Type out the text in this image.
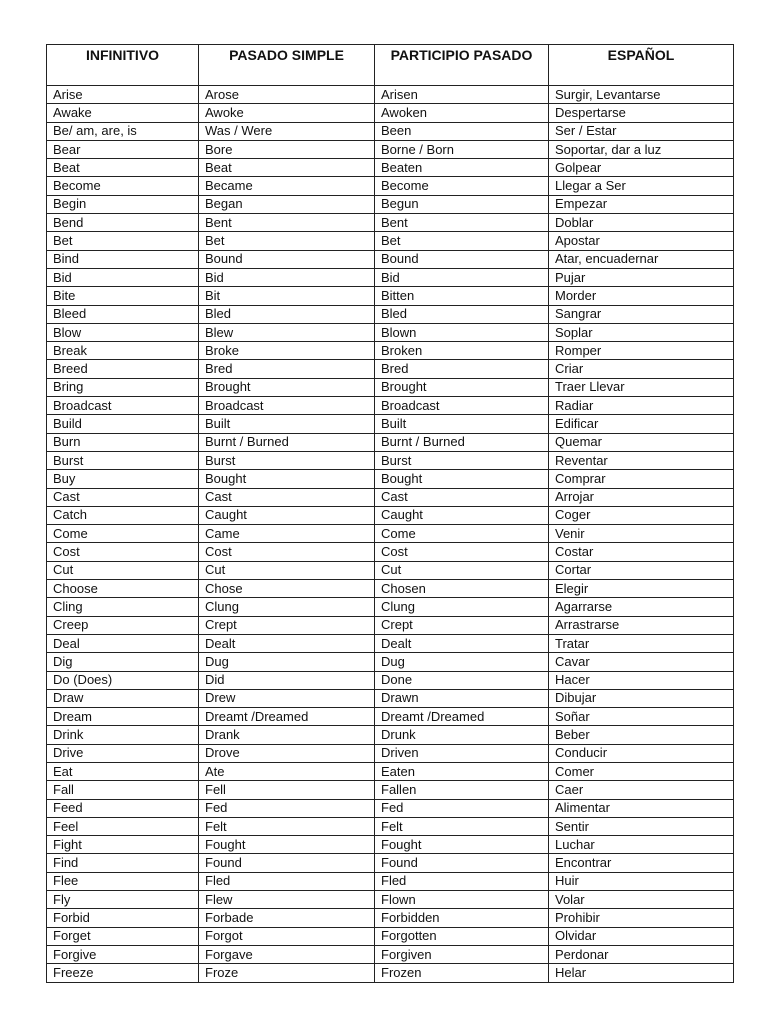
INFINITIVO	PASADO SIMPLE	PARTICIPIO PASADO	ESPAÑOL
Arise	Arose	Arisen	Surgir, Levantarse
Awake	Awoke	Awoken	Despertarse
Be/ am, are, is	Was / Were	Been	Ser / Estar
Bear	Bore	Borne / Born	Soportar, dar a luz
Beat	Beat	Beaten	Golpear
Become	Became	Become	Llegar a Ser
Begin	Began	Begun	Empezar
Bend	Bent	Bent	Doblar
Bet	Bet	Bet	Apostar
Bind	Bound	Bound	Atar, encuadernar
Bid	Bid	Bid	Pujar
Bite	Bit	Bitten	Morder
Bleed	Bled	Bled	Sangrar
Blow	Blew	Blown	Soplar
Break	Broke	Broken	Romper
Breed	Bred	Bred	Criar
Bring	Brought	Brought	Traer Llevar
Broadcast	Broadcast	Broadcast	Radiar
Build	Built	Built	Edificar
Burn	Burnt / Burned	Burnt / Burned	Quemar
Burst	Burst	Burst	Reventar
Buy	Bought	Bought	Comprar
Cast	Cast	Cast	Arrojar
Catch	Caught	Caught	Coger
Come	Came	Come	Venir
Cost	Cost	Cost	Costar
Cut	Cut	Cut	Cortar
Choose	Chose	Chosen	Elegir
Cling	Clung	Clung	Agarrarse
Creep	Crept	Crept	Arrastrarse
Deal	Dealt	Dealt	Tratar
Dig	Dug	Dug	Cavar
Do (Does)	Did	Done	Hacer
Draw	Drew	Drawn	Dibujar
Dream	Dreamt /Dreamed	Dreamt /Dreamed	Soñar
Drink	Drank	Drunk	Beber
Drive	Drove	Driven	Conducir
Eat	Ate	Eaten	Comer
Fall	Fell	Fallen	Caer
Feed	Fed	Fed	Alimentar
Feel	Felt	Felt	Sentir
Fight	Fought	Fought	Luchar
Find	Found	Found	Encontrar
Flee	Fled	Fled	Huir
Fly	Flew	Flown	Volar
Forbid	Forbade	Forbidden	Prohibir
Forget	Forgot	Forgotten	Olvidar
Forgive	Forgave	Forgiven	Perdonar
Freeze	Froze	Frozen	Helar
